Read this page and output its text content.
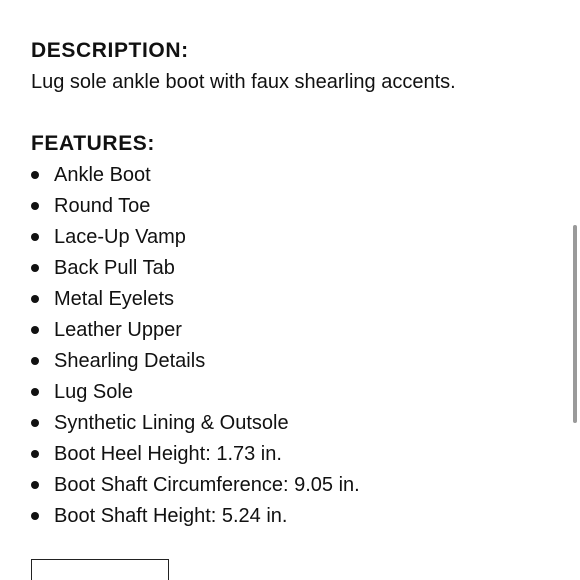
DESCRIPTION:
Lug sole ankle boot with faux shearling accents.
FEATURES:
Ankle Boot
Round Toe
Lace-Up Vamp
Back Pull Tab
Metal Eyelets
Leather Upper
Shearling Details
Lug Sole
Synthetic Lining & Outsole
Boot Heel Height: 1.73 in.
Boot Shaft Circumference: 9.05 in.
Boot Shaft Height: 5.24 in.
